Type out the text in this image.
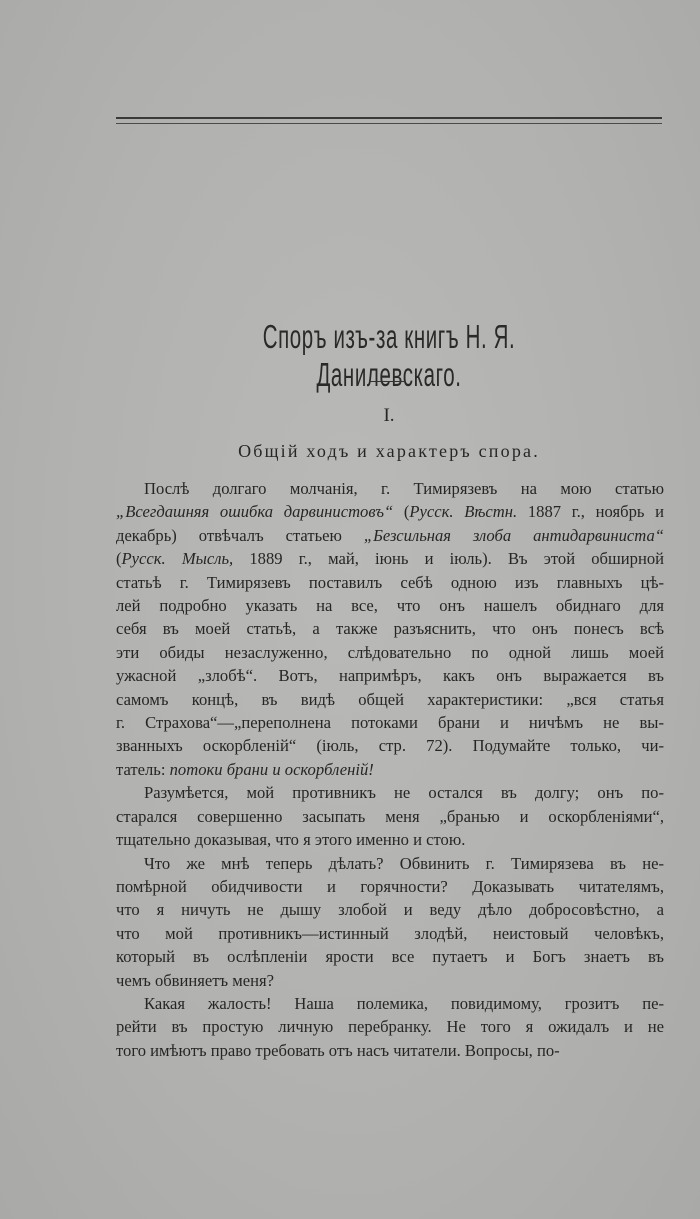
Споръ изъ-за книгъ Н. Я. Данилевскаго.
I.
Общій ходъ и характеръ спора.

Послѣ долгаго молчанія, г. Тимирязевъ на мою статью
„Всегдашняя ошибка дарвинистовъ“ (Русск. Вѣстн. 1887 г., ноябрь и
декабрь) отвѣчалъ статьею „Безсильная злоба антидарвиниста“
(Русск. Мысль, 1889 г., май, іюнь и іюль). Въ этой обширной
статьѣ г. Тимирязевъ поставилъ себѣ одною изъ главныхъ цѣ-
лей подробно указать на все, что онъ нашелъ обиднаго для
себя въ моей статьѣ, а также разъяснить, что онъ понесъ всѣ
эти обиды незаслуженно, слѣдовательно по одной лишь моей
ужасной „злобѣ“. Вотъ, напримѣръ, какъ онъ выражается въ
самомъ концѣ, въ видѣ общей характеристики: „вся статья
г. Страхова“—„переполнена потоками брани и ничѣмъ не вы-
званныхъ оскорбленій“ (іюль, стр. 72). Подумайте только, чи-
татель: потоки брани и оскорбленій!

Разумѣется, мой противникъ не остался въ долгу; онъ по-
старался совершенно засыпать меня „бранью и оскорбленіями“,
тщательно доказывая, что я этого именно и стою.

Что же мнѣ теперь дѣлать? Обвинить г. Тимирязева въ не-
помѣрной обидчивости и горячности? Доказывать читателямъ,
что я ничуть не дышу злобой и веду дѣло добросовѣстно, а
что мой противникъ—истинный злодѣй, неистовый человѣкъ,
который въ ослѣпленіи ярости все путаетъ и Богъ знаетъ въ
чемъ обвиняетъ меня?

Какая жалость! Наша полемика, повидимому, грозитъ пе-
рейти въ простую личную перебранку. Не того я ожидалъ и не
того имѣютъ право требовать отъ насъ читатели. Вопросы, по-
